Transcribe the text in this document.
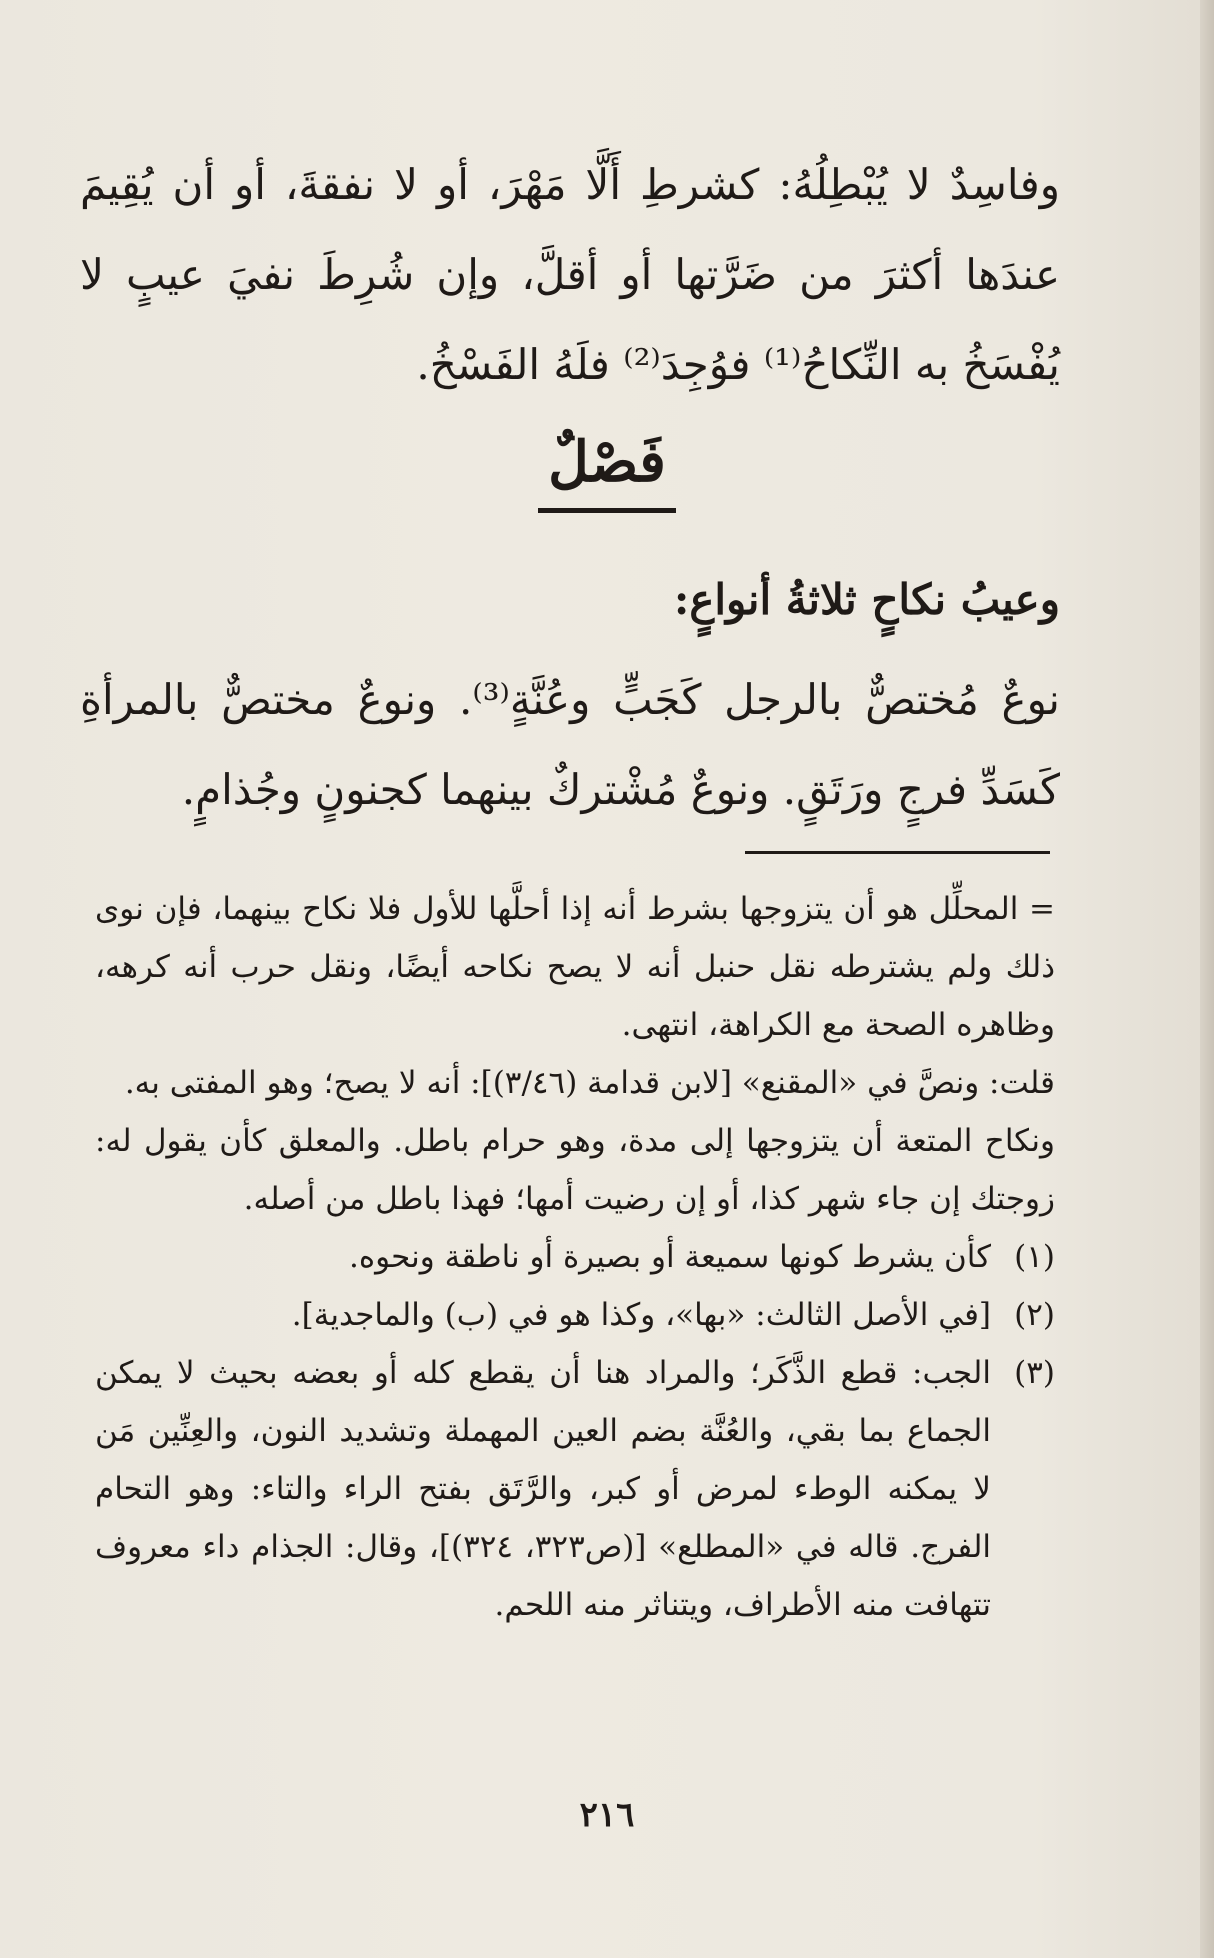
وفاسِدٌ لا يُبْطِلُهُ: كشرطِ أَلَّا مَهْرَ، أو لا نفقةَ، أو أن يُقِيمَ عندَها أكثرَ من ضَرَّتها أو أقلَّ، وإن شُرِطَ نفيَ عيبٍ لا يُفْسَخُ به النِّكاحُ⁽¹⁾ فوُجِدَ⁽²⁾ فلَهُ الفَسْخُ.

فَصْلٌ

وعيبُ نكاحٍ ثلاثةُ أنواعٍ:

نوعٌ مُختصٌّ بالرجل كَجَبٍّ وعُنَّةٍ⁽³⁾. ونوعٌ مختصٌّ بالمرأةِ كَسَدِّ فرجٍ ورَتَقٍ. ونوعٌ مُشْتركٌ بينهما كجنونٍ وجُذامٍ.

= المحلِّل هو أن يتزوجها بشرط أنه إذا أحلَّها للأول فلا نكاح بينهما، فإن نوى ذلك ولم يشترطه نقل حنبل أنه لا يصح نكاحه أيضًا، ونقل حرب أنه كرهه، وظاهره الصحة مع الكراهة، انتهى.

قلت: ونصَّ في «المقنع» [لابن قدامة (٣/٤٦)]: أنه لا يصح؛ وهو المفتى به.

ونكاح المتعة أن يتزوجها إلى مدة، وهو حرام باطل. والمعلق كأن يقول له: زوجتك إن جاء شهر كذا، أو إن رضيت أمها؛ فهذا باطل من أصله.

(١)
كأن يشرط كونها سميعة أو بصيرة أو ناطقة ونحوه.
(٢)
[في الأصل الثالث: «بها»، وكذا هو في (ب) والماجدية].
(٣)
الجب: قطع الذَّكَر؛ والمراد هنا أن يقطع كله أو بعضه بحيث لا يمكن الجماع بما بقي، والعُنَّة بضم العين المهملة وتشديد النون، والعِنِّين مَن لا يمكنه الوطء لمرض أو كبر، والرَّتَق بفتح الراء والتاء: وهو التحام الفرج. قاله في «المطلع» [(ص٣٢٣، ٣٢٤)]، وقال: الجذام داء معروف تتهافت منه الأطراف، ويتناثر منه اللحم.
٢١٦
